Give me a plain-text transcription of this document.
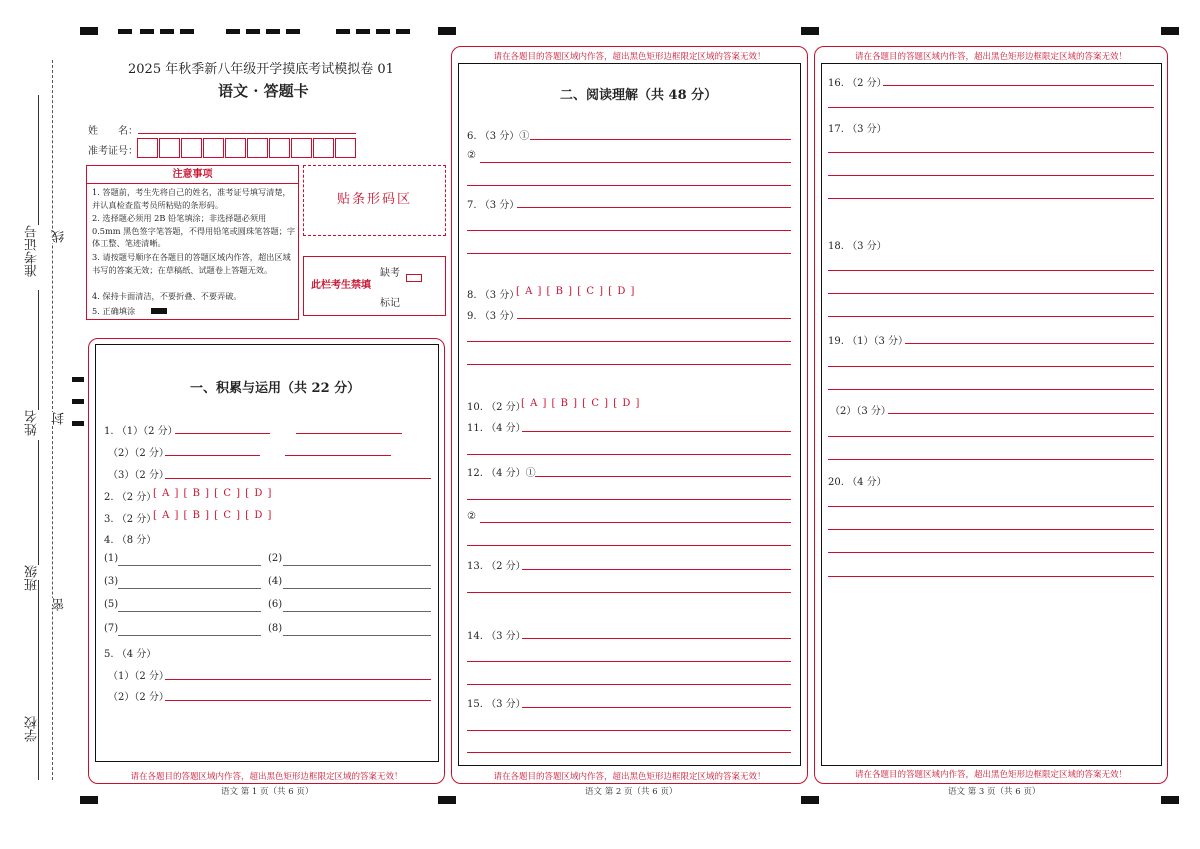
学校
班级
姓名
准考证号
密
封
线
2025 年秋季新八年级开学摸底考试模拟卷 01
语文 · 答题卡
姓　　名：
准考证号：
注意事项
1. 答题前，考生先将自己的姓名，准考证号填写清楚，并认真检查监考员所粘贴的条形码。
2. 选择题必须用 2B 铅笔填涂；非选择题必须用 0.5mm 黑色签字笔答题，不得用铅笔或圆珠笔答题；字体工整、笔迹清晰。
3. 请按题号顺序在各题目的答题区域内作答，超出区域书写的答案无效；在草稿纸、试题卷上答题无效。
4. 保持卡面清洁，不要折叠、不要弄破。
5. 正确填涂
贴条形码区
此栏考生禁填
缺考
标记
一、积累与运用（共 22 分）
1. （1）（2 分）
（2）（2 分）
（3）（2 分）
2. （2 分）
[ A ] [ B ] [ C ] [ D ]
3. （2 分）
[ A ] [ B ] [ C ] [ D ]
4. （8 分）
(1)	(2)
(3)	(4)
(5)	(6)
(7)	(8)
5. （4 分）
（1）（2 分）
（2）（2 分）
请在各题目的答题区域内作答，超出黑色矩形边框限定区域的答案无效！
语文 第 1 页（共 6 页）
请在各题目的答题区域内作答，超出黑色矩形边框限定区域的答案无效！
二、阅读理解（共 48 分）
6. （3 分）①
②
7. （3 分）
8. （3 分）
[ A ] [ B ] [ C ] [ D ]
9. （3 分）
10. （2 分）
[ A ] [ B ] [ C ] [ D ]
11. （4 分）
12. （4 分）①
②
13. （2 分）
14. （3 分）
15. （3 分）
请在各题目的答题区域内作答，超出黑色矩形边框限定区域的答案无效！
语文 第 2 页（共 6 页）
请在各题目的答题区域内作答，超出黑色矩形边框限定区域的答案无效！
16. （2 分）
17. （3 分）
18. （3 分）
19. （1）（3 分）
（2）（3 分）
20. （4 分）
请在各题目的答题区域内作答，超出黑色矩形边框限定区域的答案无效！
语文 第 3 页（共 6 页）
